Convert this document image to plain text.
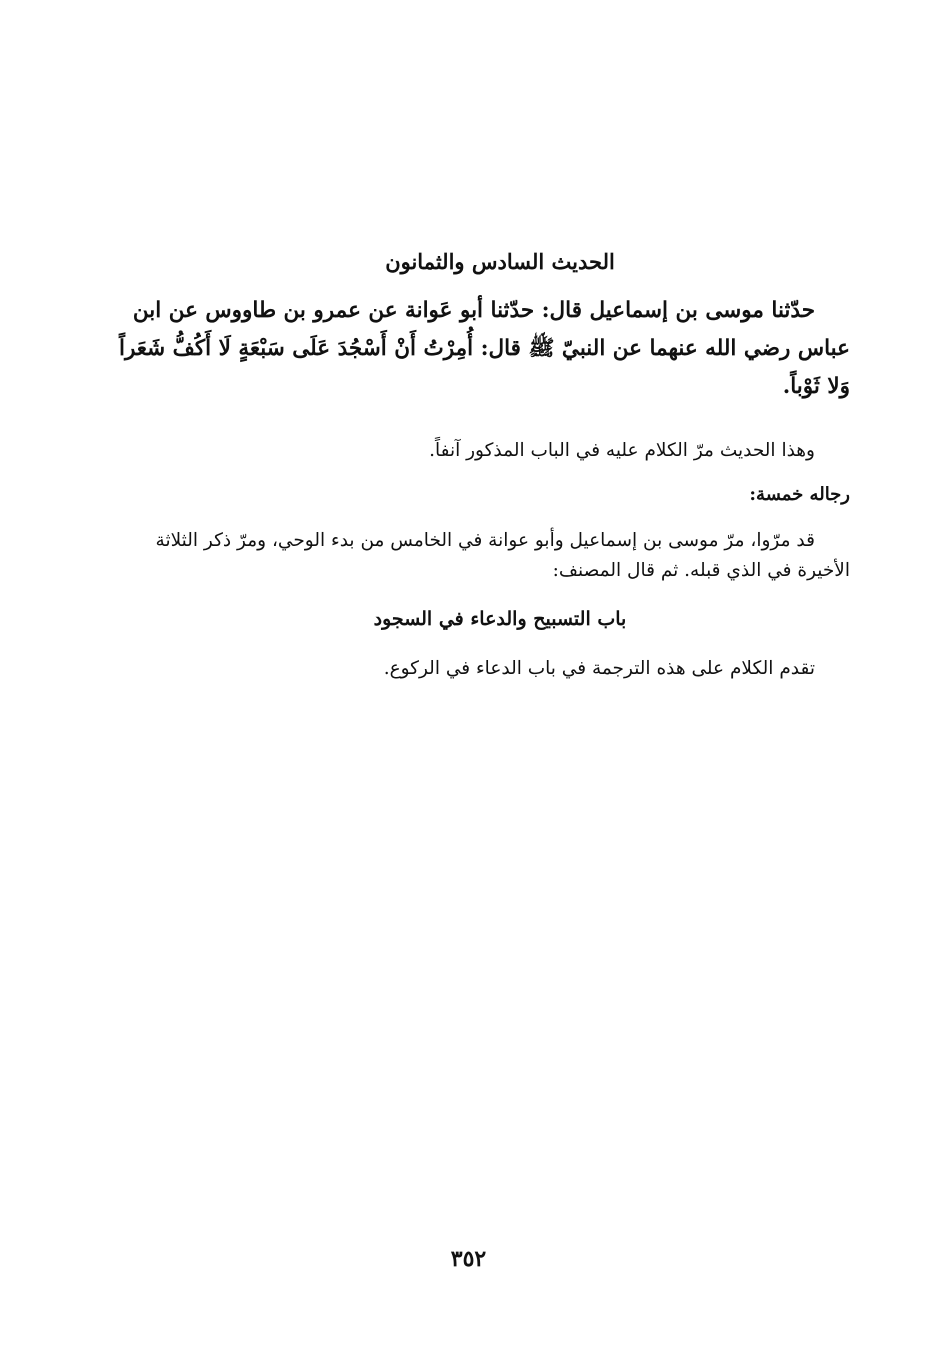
الحديث السادس والثمانون
حدّثنا موسى بن إسماعيل قال: حدّثنا أبو عَوانة عن عمرو بن طاووس عن ابن
عباس رضي الله عنهما عن النبيّ ﷺ قال: أُمِرْتُ أَنْ أَسْجُدَ عَلَى سَبْعَةٍ لَا أَكُفُّ شَعَراً
وَلا ثَوْباً.
وهذا الحديث مرّ الكلام عليه في الباب المذكور آنفاً.
رجاله خمسة:
قد مرّوا، مرّ موسى بن إسماعيل وأبو عوانة في الخامس من بدء الوحي، ومرّ ذكر الثلاثة
الأخيرة في الذي قبله. ثم قال المصنف:
باب التسبيح والدعاء في السجود
تقدم الكلام على هذه الترجمة في باب الدعاء في الركوع.
٣٥٢
